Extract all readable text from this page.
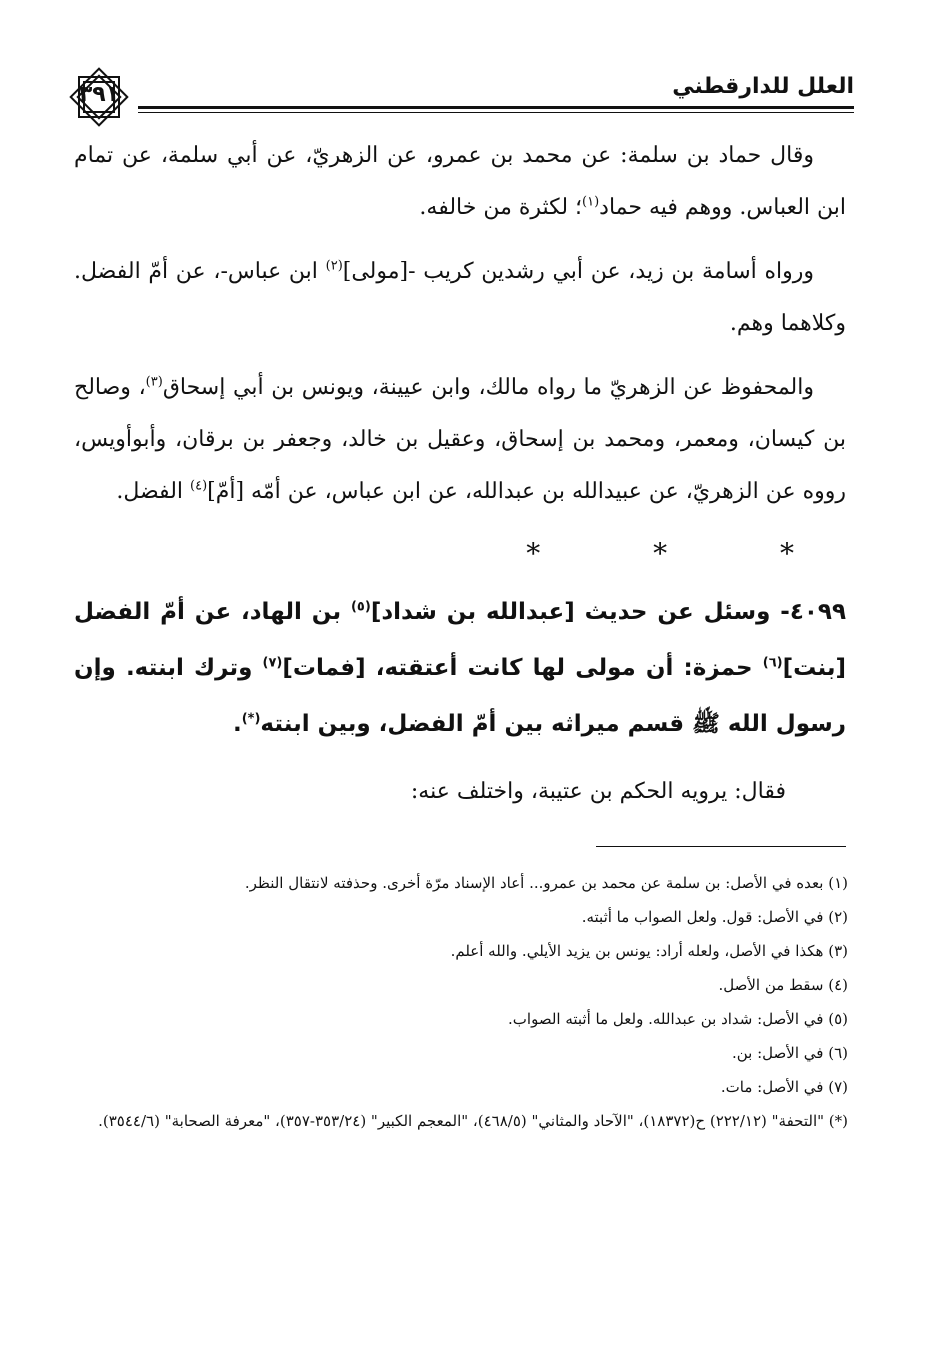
العلل للدارقطني
٣٩١

وقال حماد بن سلمة: عن محمد بن عمرو، عن الزهريّ، عن أبي سلمة، عن تمام ابن العباس. ووهم فيه حماد$^{(١)}$؛ لكثرة من خالفه.

ورواه أسامة بن زيد، عن أبي رشدين كريب -[مولى]$^{(٢)}$ ابن عباس-، عن أمّ الفضل. وكلاهما وهم.

والمحفوظ عن الزهريّ ما رواه مالك، وابن عيينة، ويونس بن أبي إسحاق$^{(٣)}$، وصالح بن كيسان، ومعمر، ومحمد بن إسحاق، وعقيل بن خالد، وجعفر بن برقان، وأبوأويس، رووه عن الزهريّ، عن عبيدالله بن عبدالله، عن ابن عباس، عن أمّه [أمّ]$^{(٤)}$ الفضل.

* * *

٤٠٩٩- وسئل عن حديث [عبدالله بن شداد]$^{(٥)}$ بن الهاد، عن أمّ الفضل [بنت]$^{(٦)}$ حمزة: أن مولى لها كانت أعتقته، [فمات]$^{(٧)}$ وترك ابنته. وإن رسول الله ﷺ قسم ميراثه بين أمّ الفضل، وبين ابنته(*).

فقال: يرويه الحكم بن عتيبة، واختلف عنه:

(١) بعده في الأصل: بن سلمة عن محمد بن عمرو... أعاد الإسناد مرّة أخرى. وحذفته لانتقال النظر.

(٢) في الأصل: قول. ولعل الصواب ما أثبته.

(٣) هكذا في الأصل، ولعله أراد: يونس بن يزيد الأيلي. والله أعلم.

(٤) سقط من الأصل.

(٥) في الأصل: شداد بن عبدالله. ولعل ما أثبته الصواب.

(٦) في الأصل: بن.

(٧) في الأصل: مات.

(*) "التحفة" (٢٢٢/١٢) ح(١٨٣٧٢)، "الآحاد والمثاني" (٤٦٨/٥)، "المعجم الكبير" (٣٥٣/٢٤-٣٥٧)، "معرفة الصحابة" (٣٥٤٤/٦).
